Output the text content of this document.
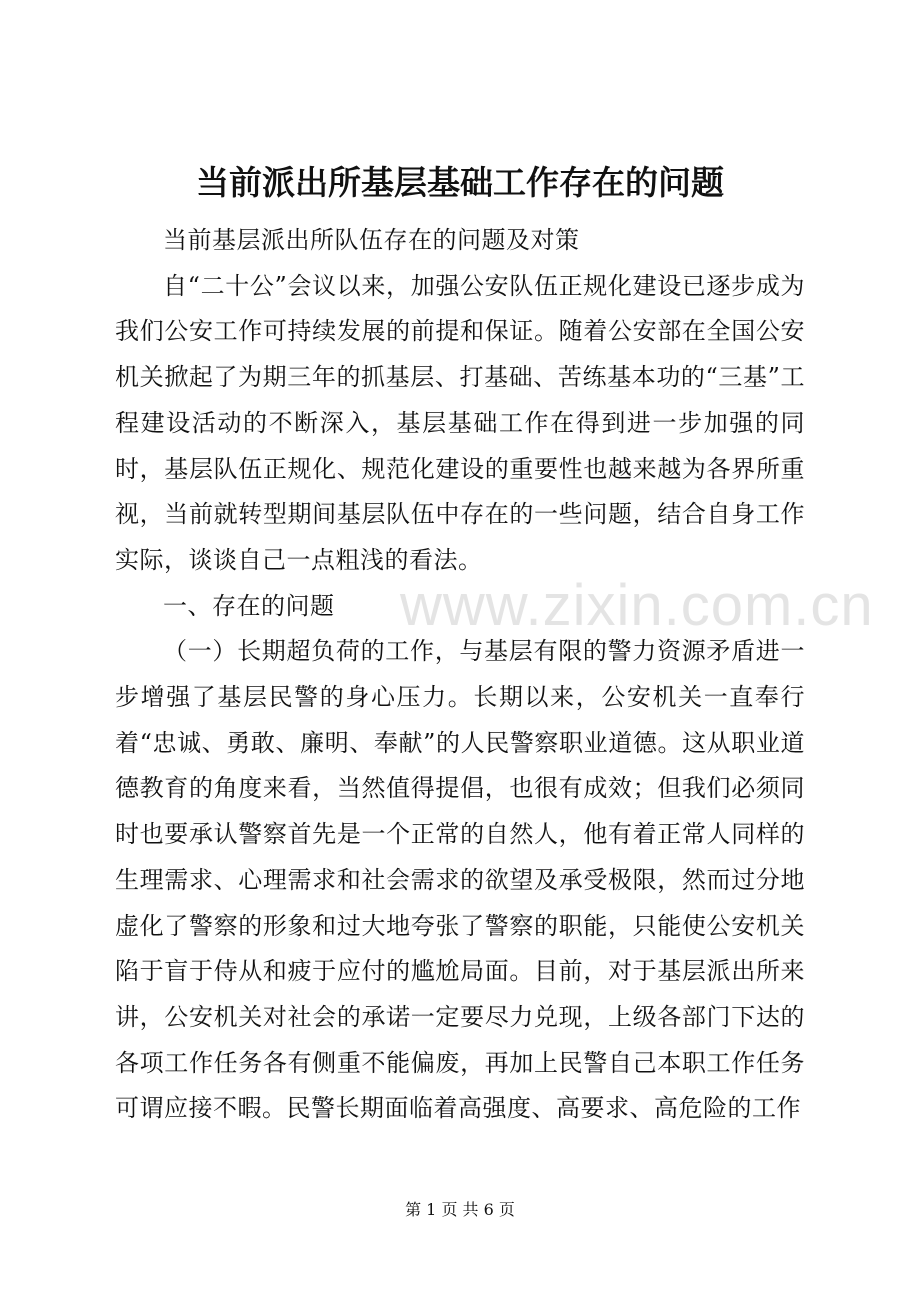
www.zixin.com.cn
当前派出所基层基础工作存在的问题

当前基层派出所队伍存在的问题及对策

自“二十公”会议以来，加强公安队伍正规化建设已逐步成为我们公安工作可持续发展的前提和保证。随着公安部在全国公安机关掀起了为期三年的抓基层、打基础、苦练基本功的“三基”工程建设活动的不断深入，基层基础工作在得到进一步加强的同时，基层队伍正规化、规范化建设的重要性也越来越为各界所重视，当前就转型期间基层队伍中存在的一些问题，结合自身工作实际，谈谈自己一点粗浅的看法。

一、存在的问题

（一）长期超负荷的工作，与基层有限的警力资源矛盾进一步增强了基层民警的身心压力。长期以来，公安机关一直奉行着“忠诚、勇敢、廉明、奉献”的人民警察职业道德。这从职业道德教育的角度来看，当然值得提倡，也很有成效；但我们必须同时也要承认警察首先是一个正常的自然人，他有着正常人同样的生理需求、心理需求和社会需求的欲望及承受极限，然而过分地虚化了警察的形象和过大地夸张了警察的职能，只能使公安机关陷于盲于侍从和疲于应付的尴尬局面。目前，对于基层派出所来讲，公安机关对社会的承诺一定要尽力兑现，上级各部门下达的各项工作任务各有侧重不能偏废，再加上民警自己本职工作任务可谓应接不暇。民警长期面临着高强度、高要求、高危险的工作

第 1 页 共 6 页
